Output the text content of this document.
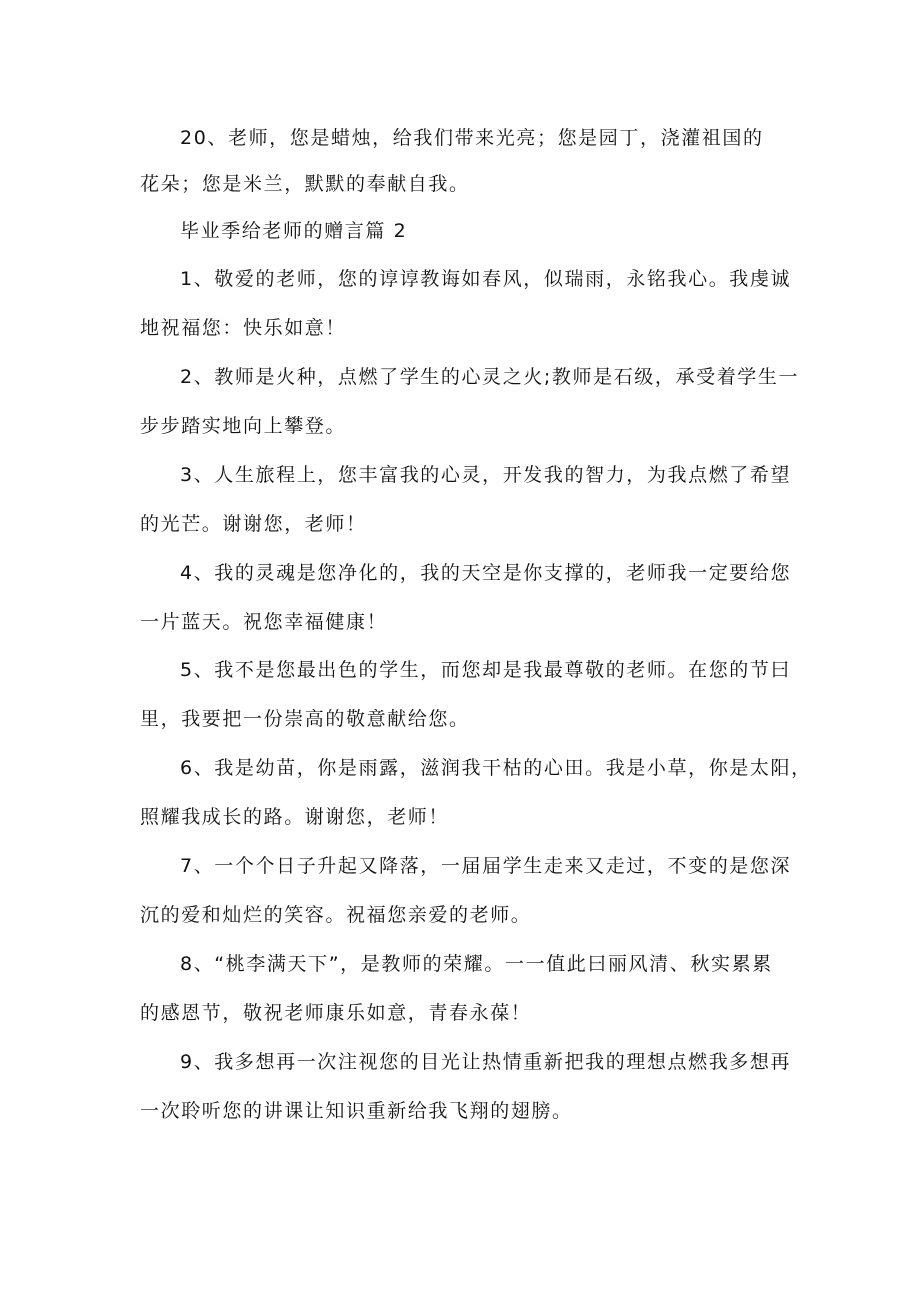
20、老师，您是蜡烛，给我们带来光亮；您是园丁，浇灌祖国的
花朵；您是米兰，默默的奉献自我。
毕业季给老师的赠言篇 2
1、敬爱的老师，您的谆谆教诲如春风，似瑞雨，永铭我心。我虔诚
地祝福您：快乐如意！
2、教师是火种，点燃了学生的心灵之火;教师是石级，承受着学生一
步步踏实地向上攀登。
3、人生旅程上，您丰富我的心灵，开发我的智力，为我点燃了希望
的光芒。谢谢您，老师！
4、我的灵魂是您净化的，我的天空是你支撑的，老师我一定要给您
一片蓝天。祝您幸福健康！
5、我不是您最出色的学生，而您却是我最尊敬的老师。在您的节曰
里，我要把一份崇高的敬意献给您。
6、我是幼苗，你是雨露，滋润我干枯的心田。我是小草，你是太阳，
照耀我成长的路。谢谢您，老师！
7、一个个日子升起又降落，一届届学生走来又走过，不变的是您深
沉的爱和灿烂的笑容。祝福您亲爱的老师。
8、“桃李满天下”，是教师的荣耀。一一值此曰丽风清、秋实累累
的感恩节，敬祝老师康乐如意，青春永葆！
9、我多想再一次注视您的目光让热情重新把我的理想点燃我多想再
一次聆听您的讲课让知识重新给我飞翔的翅膀。
